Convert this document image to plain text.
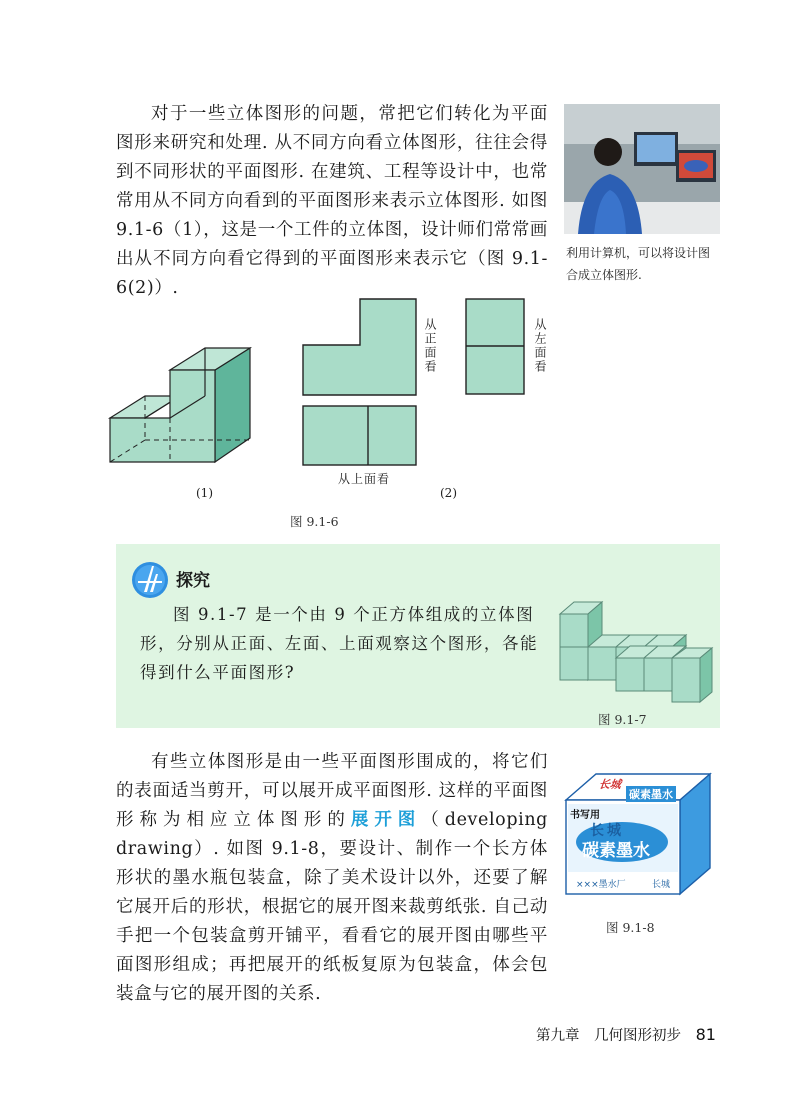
对于一些立体图形的问题，常把它们转化为平面图形来研究和处理. 从不同方向看立体图形，往往会得到不同形状的平面图形. 在建筑、工程等设计中，也常常用从不同方向看到的平面图形来表示立体图形. 如图 9.1-6（1），这是一个工件的立体图，设计师们常常画出从不同方向看它得到的平面图形来表示它（图 9.1-6(2)）.

利用计算机，可以将设计图合成立体图形.
(1)
从正面看	从左面看
从上面看
(2)
图 9.1-6
探究

图 9.1-7 是一个由 9 个正方体组成的立体图形，分别从正面、左面、上面观察这个图形，各能得到什么平面图形?

图 9.1-7

有些立体图形是由一些平面图形围成的，将它们的表面适当剪开，可以展开成平面图形. 这样的平面图形称为相应立体图形的展开图（developing drawing）. 如图 9.1-8，要设计、制作一个长方体形状的墨水瓶包装盒，除了美术设计以外，还要了解它展开后的形状，根据它的展开图来裁剪纸张. 自己动手把一个包装盒剪开铺平，看看它的展开图由哪些平面图形组成；再把展开的纸板复原为包装盒，体会包装盒与它的展开图的关系.

长城
碳素墨水
书写用
长城
碳素墨水
×××墨水厂	长城
图 9.1-8
第九章　几何图形初步 81
